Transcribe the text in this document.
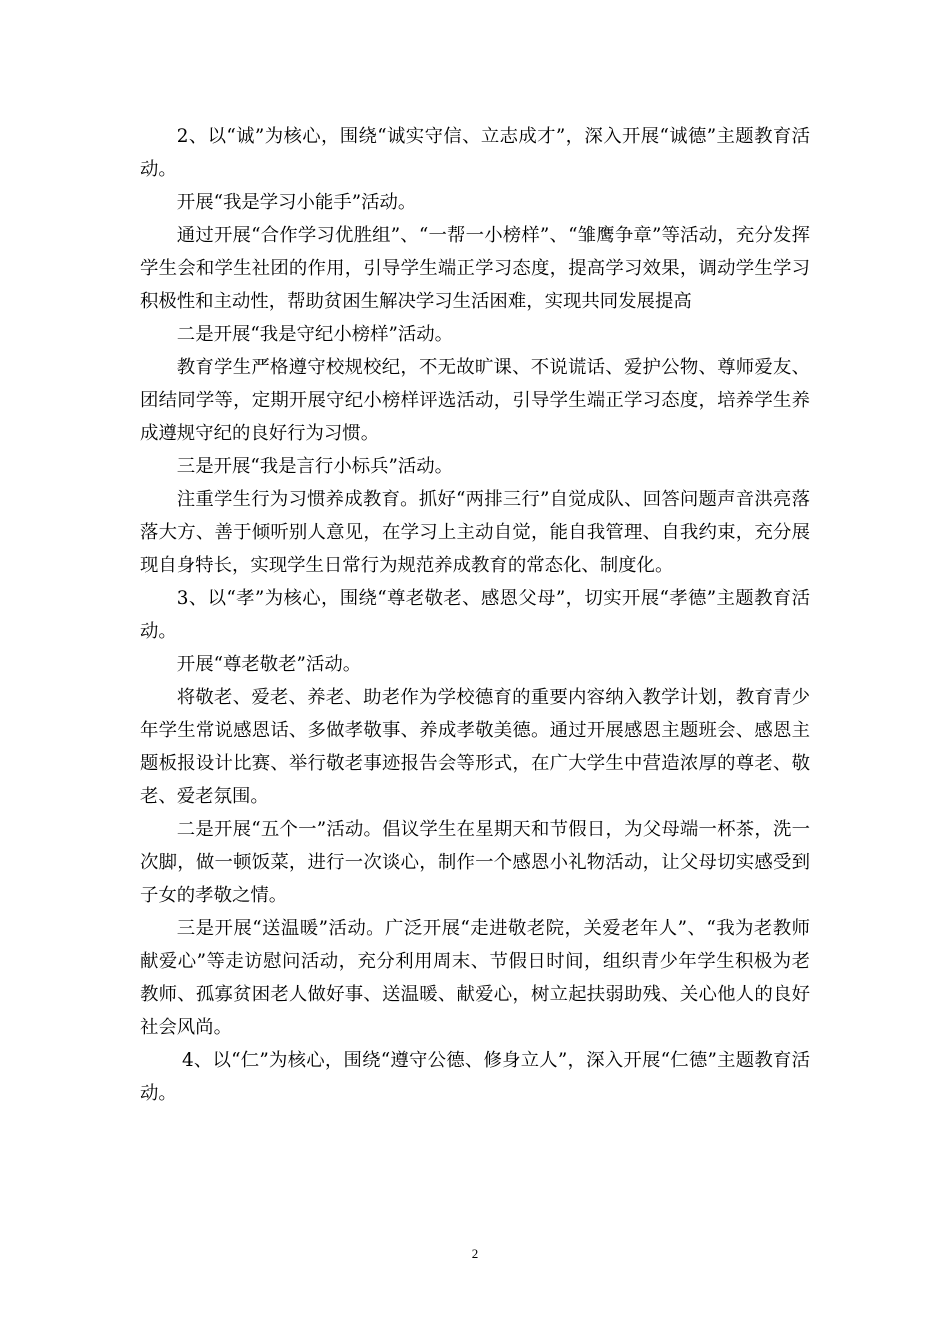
2、以“诚”为核心，围绕“诚实守信、立志成才”，深入开展“诚德”主题教育活动。

开展“我是学习小能手”活动。

通过开展“合作学习优胜组”、“一帮一小榜样”、“雏鹰争章”等活动，充分发挥学生会和学生社团的作用，引导学生端正学习态度，提高学习效果，调动学生学习积极性和主动性，帮助贫困生解决学习生活困难，实现共同发展提高

二是开展“我是守纪小榜样”活动。

教育学生严格遵守校规校纪，不无故旷课、不说谎话、爱护公物、尊师爱友、团结同学等，定期开展守纪小榜样评选活动，引导学生端正学习态度，培养学生养成遵规守纪的良好行为习惯。

三是开展“我是言行小标兵”活动。

注重学生行为习惯养成教育。抓好“两排三行”自觉成队、回答问题声音洪亮落落大方、善于倾听别人意见，在学习上主动自觉，能自我管理、自我约束，充分展现自身特长，实现学生日常行为规范养成教育的常态化、制度化。

3、以“孝”为核心，围绕“尊老敬老、感恩父母”，切实开展“孝德”主题教育活动。

开展“尊老敬老”活动。

将敬老、爱老、养老、助老作为学校德育的重要内容纳入教学计划，教育青少年学生常说感恩话、多做孝敬事、养成孝敬美德。通过开展感恩主题班会、感恩主题板报设计比赛、举行敬老事迹报告会等形式，在广大学生中营造浓厚的尊老、敬老、爱老氛围。

二是开展“五个一”活动。倡议学生在星期天和节假日，为父母端一杯茶，洗一次脚，做一顿饭菜，进行一次谈心，制作一个感恩小礼物活动，让父母切实感受到子女的孝敬之情。

三是开展“送温暖”活动。广泛开展“走进敬老院，关爱老年人”、“我为老教师献爱心”等走访慰问活动，充分利用周末、节假日时间，组织青少年学生积极为老教师、孤寡贫困老人做好事、送温暖、献爱心，树立起扶弱助残、关心他人的良好社会风尚。

4、以“仁”为核心，围绕“遵守公德、修身立人”，深入开展“仁德”主题教育活动。

2
